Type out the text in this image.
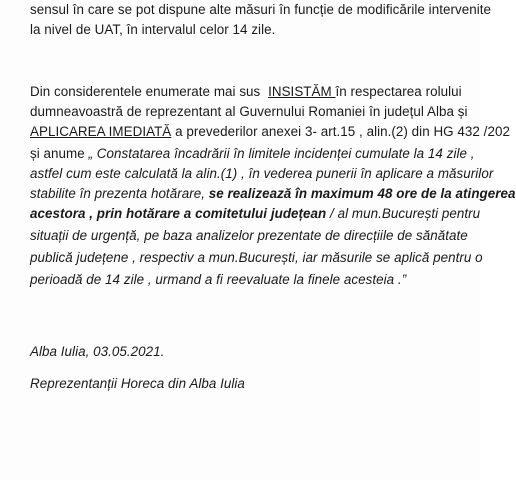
sensul în care se pot dispune alte măsuri în funcție de modificările intervenite
la nivel de UAT, în intervalul celor 14 zile.
Din considerentele enumerate mai sus INSISTĂM în respectarea rolului
dumneavoastră de reprezentant al Guvernului Romaniei în județul Alba și
APLICAREA IMEDIATĂ a prevederilor anexei 3- art.15 , alin.(2) din HG 432 /202
și anume „ Constatarea încadrării în limitele incidenței cumulate la 14 zile ,
astfel cum este calculată la alin.(1) , în vederea punerii în aplicare a măsurilor
stabilite în prezenta hotărare, se realizează în maximum 48 ore de la atingerea
acestora , prin hotărare a comitetului județean / al mun.București pentru
situații de urgență, pe baza analizelor prezentate de direcțiile de sănătate
publică județene , respectiv a mun.București, iar măsurile se aplică pentru o
perioadă de 14 zile , urmand a fi reevaluate la finele acesteia .”
Alba Iulia, 03.05.2021.
Reprezentanții Horeca din Alba Iulia
